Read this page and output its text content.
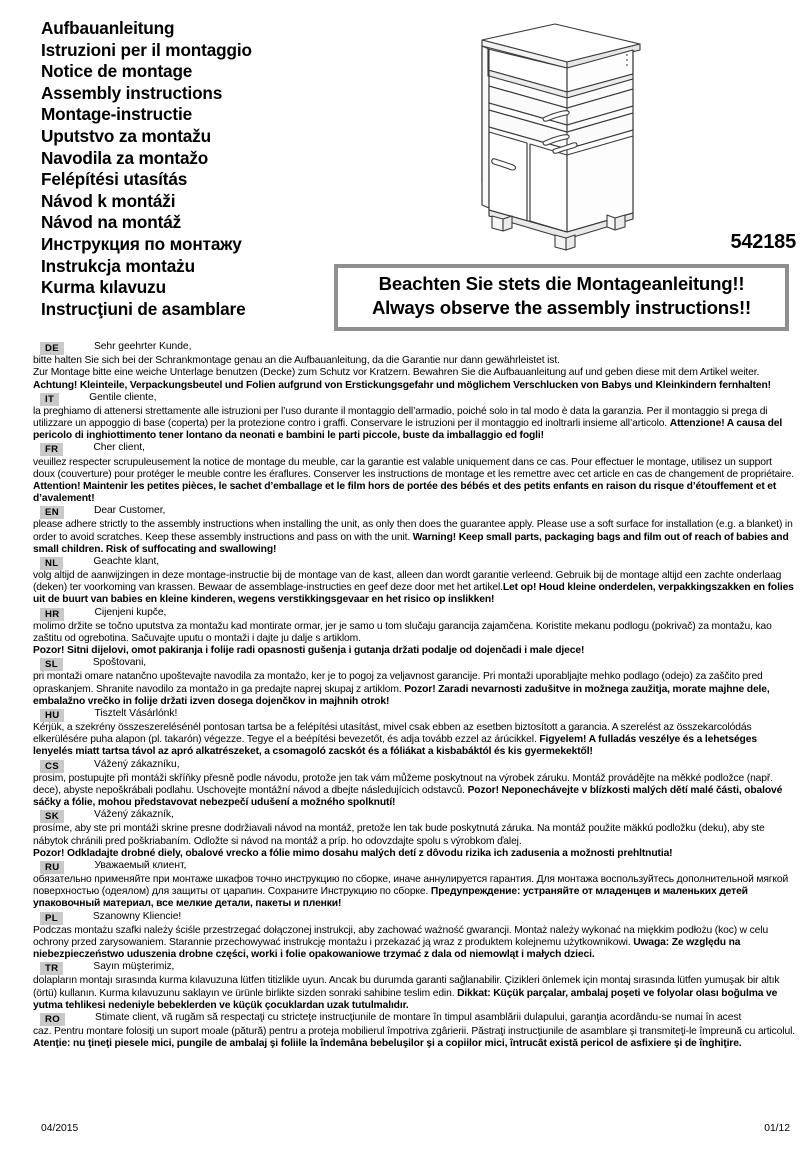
Aufbauanleitung
Istruzioni per il montaggio
Notice de montage
Assembly instructions
Montage-instructie
Uputstvo za montažu
Navodila za montažo
Felépítési utasítás
Návod k montáži
Návod na montáž
Инструкция по монтажу
Instrukcja montażu
Kurma kılavuzu
Instrucţiuni de asamblare
542185
Beachten Sie stets die Montageanleitung!!
Always observe the assembly instructions!!
DE	Sehr geehrter Kunde,
bitte halten Sie sich bei der Schrankmontage genau an die Aufbauanleitung, da die Garantie nur dann gewährleistet ist.
Zur Montage bitte eine weiche Unterlage benutzen (Decke) zum Schutz vor Kratzern. Bewahren Sie die Aufbauanleitung auf und geben diese mit dem Artikel weiter. Achtung! Kleinteile, Verpackungsbeutel und Folien aufgrund von Erstickungsgefahr und möglichem Verschlucken von Babys und Kleinkindern fernhalten!
IT	Gentile cliente,
la preghiamo di attenersi strettamente alle istruzioni per l’uso durante il montaggio dell’armadio, poiché solo in tal modo è data la garanzia. Per il montaggio si prega di utilizzare un appoggio di base (coperta) per la protezione contro i graffi. Conservare le istruzioni per il montaggio ed inoltrarli insieme all’articolo. Attenzione! A causa del pericolo di inghiottimento tener lontano da neonati e bambini le parti piccole, buste da imballaggio ed fogli!
FR	Cher client,
veuillez respecter scrupuleusement la notice de montage du meuble, car la garantie est valable uniquement dans ce cas. Pour effectuer le montage, utilisez un support doux (couverture) pour protéger le meuble contre les éraflures. Conserver les instructions de montage et les remettre avec cet article en cas de changement de propriétaire. Attention! Maintenir les petites pièces, le sachet d’emballage et le film hors de portée des bébés et des petits enfants en raison du risque d’étouffement et et d’avalement!
EN	Dear Customer,
please adhere strictly to the assembly instructions when installing the unit, as only then does the guarantee apply. Please use a soft surface for installation (e.g. a blanket) in order to avoid scratches. Keep these assembly instructions and pass on with the unit. Warning! Keep small parts, packaging bags and film out of reach of babies and small children. Risk of suffocating and swallowing!
NL	Geachte klant,
volg altijd de aanwijzingen in deze montage-instructie bij de montage van de kast, alleen dan wordt garantie verleend. Gebruik bij de montage altijd een zachte onderlaag (deken) ter voorkoming van krassen. Bewaar de assemblage-instructies en geef deze door met het artikel.Let op! Houd kleine onderdelen, verpakkingszakken en folies uit de buurt van babies en kleine kinderen, wegens verstikkingsgevaar en het risico op inslikken!
HR	Cijenjeni kupče,
molimo držite se točno uputstva za montažu kad montirate ormar, jer je samo u tom slučaju garancija zajamčena. Koristite mekanu podlogu (pokrivač) za montažu, kao zaštitu od ogrebotina. Sačuvajte uputu o montaži i dajte ju dalje s artiklom.
Pozor! Sitni dijelovi, omot pakiranja i folije radi opasnosti gušenja i gutanja držati podalje od dojenčadi i male djece!
SL	Spoštovani,
pri montaži omare natančno upoštevajte navodila za montažo, ker je to pogoj za veljavnost garancije. Pri montaži uporabljajte mehko podlago (odejo) za zaščito pred opraskanjem. Shranite navodilo za montažo in ga predajte naprej skupaj z artiklom. Pozor! Zaradi nevarnosti zadušitve in možnega zaužitja, morate majhne dele, embalažno vrečko in folije držati izven dosega dojenčkov in majhnih otrok!
HU	Tisztelt Vásárlónk!
Kérjük, a szekrény összeszerelésénél pontosan tartsa be a felépítési utasítást, mivel csak ebben az esetben biztosított a garancia. A szerelést az összekarcolódás elkerülésére puha alapon (pl. takarón) végezze. Tegye el a beépítési bevezetőt, és adja tovább ezzel az árúcikkel. Figyelem! A fulladás veszélye és a lehetséges lenyelés miatt tartsa távol az apró alkatrészeket, a csomagoló zacskót és a fóliákat a kisbabáktól és kis gyermekektől!
CS	Vážený zákazníku,
prosim, postupujte při montáži skříňky přesně podle návodu, protože jen tak vám můžeme poskytnout na výrobek záruku. Montáž provádějte na měkké podložce (např. dece), abyste nepoškrábali podlahu. Uschovejte montážní návod a dbejte následujícich odstavců. Pozor! Neponechávejte v blízkosti malých dětí malé části, obalové sáčky a fólie, mohou představovat nebezpečí udušení a možného spolknutí!
SK	Vážený zákazník,
prosíme, aby ste pri montáži skrine presne dodržiavali návod na montáž, pretože len tak bude poskytnutá záruka. Na montáž použite mäkkú podložku (deku), aby ste nábytok chránili pred poškriabaním. Odložte si návod na montáž a príp. ho odovzdajte spolu s výrobkom ďalej.
Pozor! Odkladajte drobné diely, obalové vrecko a fólie mimo dosahu malých detí z dôvodu rizika ich zadusenia a možnosti prehltnutia!
RU	Уважаемый клиент,
обязательно применяйте при монтаже шкафов точно инструкцию по сборке, иначе аннулируется гарантия. Для монтажа воспользуйтесь дополнительной мягкой поверхностью (одеялом) для защиты от царапин. Сохраните Инструкцию по сборке. Предупреждение: устраняйте от младенцев и маленьких детей упаковочный материал, все мелкие детали, пакеты и пленки!
PL	Szanowny Kliencie!
Podczas montażu szafki należy ściśle przestrzegać dołączonej instrukcji, aby zachować ważność gwarancji. Montaż należy wykonać na miękkim podłożu (koc) w celu ochrony przed zarysowaniem. Starannie przechowywać instrukcję montażu i przekazać ją wraz z produktem kolejnemu użytkownikowi. Uwaga: Ze względu na niebezpieczeństwo uduszenia drobne części, worki i folie opakowaniowe trzymać z dala od niemowląt i małych dzieci.
TR	Sayın müşterimiz,
dolapların montajı sırasında kurma kılavuzuna lütfen titizlikle uyun. Ancak bu durumda garanti sağlanabilir. Çizikleri önlemek için montaj sırasında lütfen yumuşak bir altık (örtü) kullanın. Kurma kılavuzunu saklayın ve ürünle birlikte sizden sonraki sahibine teslim edin. Dikkat: Küçük parçalar, ambalaj poşeti ve folyolar olası boğulma ve yutma tehlikesi nedeniyle bebeklerden ve küçük çocuklardan uzak tutulmalıdır.
RO	Stimate client, vă rugăm să respectaţi cu stricteţe instrucţiunile de montare în timpul asamblării dulapului, garanţia acordându-se numai în acest
caz. Pentru montare folosiţi un suport moale (pătură) pentru a proteja mobilierul împotriva zgârierii. Păstraţi instrucţiunile de asamblare şi transmiteţi-le împreună cu articolul. Atenţie: nu ţineţi piesele mici, pungile de ambalaj şi foliile la îndemâna bebeluşilor şi a copiilor mici, întrucât există pericol de asfixiere şi de înghiţire.
04/2015	01/12
